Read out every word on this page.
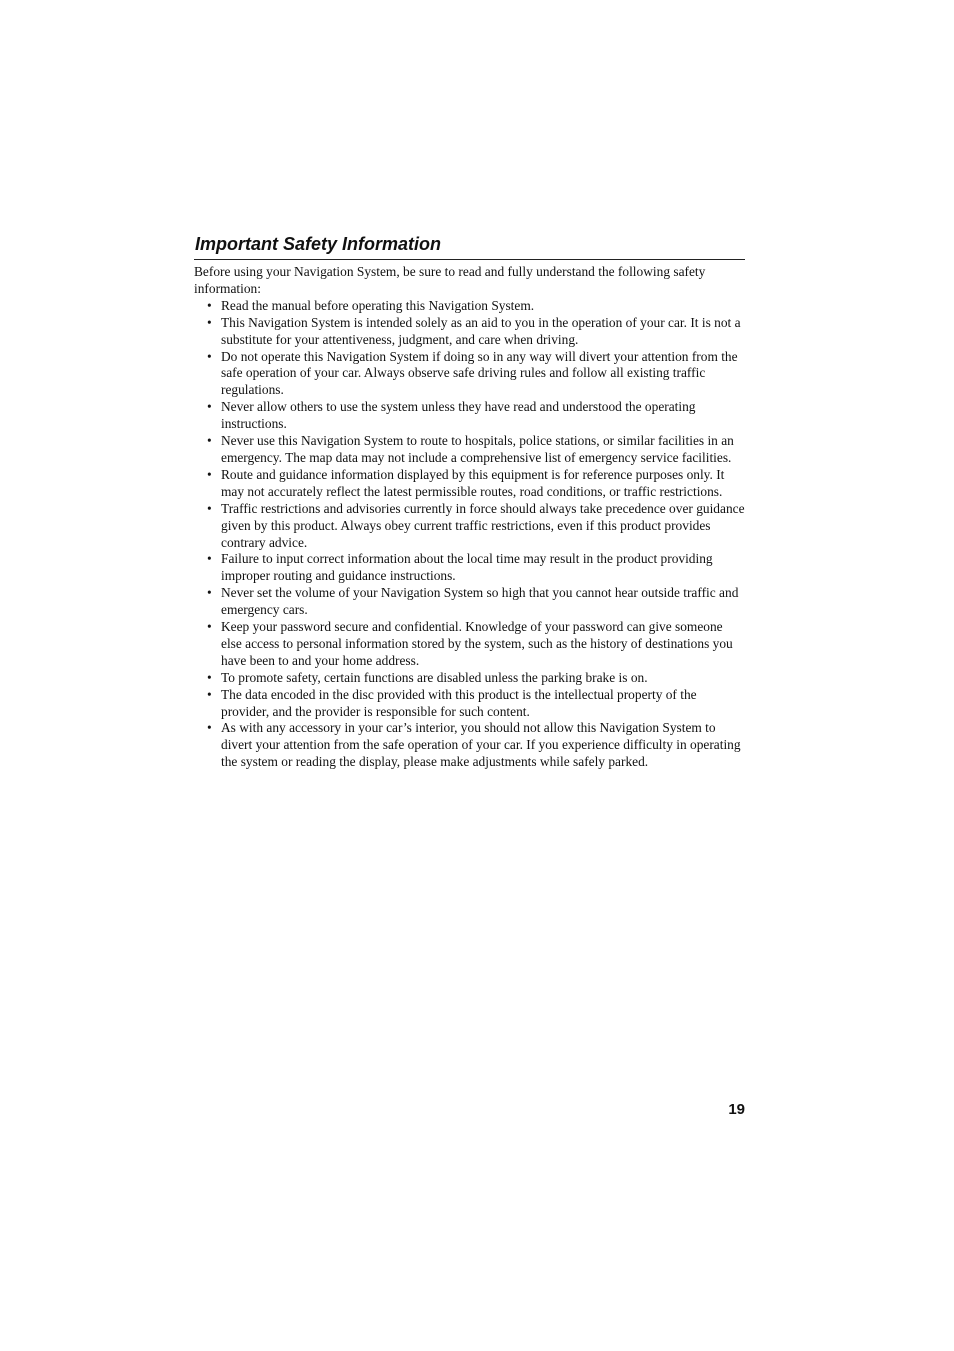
Important Safety Information

Before using your Navigation System, be sure to read and fully understand the following safety information:

• Read the manual before operating this Navigation System.
• This Navigation System is intended solely as an aid to you in the operation of your car. It is not a substitute for your attentiveness, judgment, and care when driving.
• Do not operate this Navigation System if doing so in any way will divert your attention from the safe operation of your car. Always observe safe driving rules and follow all existing traffic regulations.
• Never allow others to use the system unless they have read and understood the operating instructions.
• Never use this Navigation System to route to hospitals, police stations, or similar facilities in an emergency. The map data may not include a comprehensive list of emergency service facilities.
• Route and guidance information displayed by this equipment is for reference purposes only. It may not accurately reflect the latest permissible routes, road conditions, or traffic restrictions.
• Traffic restrictions and advisories currently in force should always take precedence over guidance given by this product. Always obey current traffic restrictions, even if this product provides contrary advice.
• Failure to input correct information about the local time may result in the product providing improper routing and guidance instructions.
• Never set the volume of your Navigation System so high that you cannot hear outside traffic and emergency cars.
• Keep your password secure and confidential. Knowledge of your password can give someone else access to personal information stored by the system, such as the history of destinations you have been to and your home address.
• To promote safety, certain functions are disabled unless the parking brake is on.
• The data encoded in the disc provided with this product is the intellectual property of the provider, and the provider is responsible for such content.
• As with any accessory in your car’s interior, you should not allow this Navigation System to divert your attention from the safe operation of your car. If you experience difficulty in operating the system or reading the display, please make adjustments while safely parked.
19
